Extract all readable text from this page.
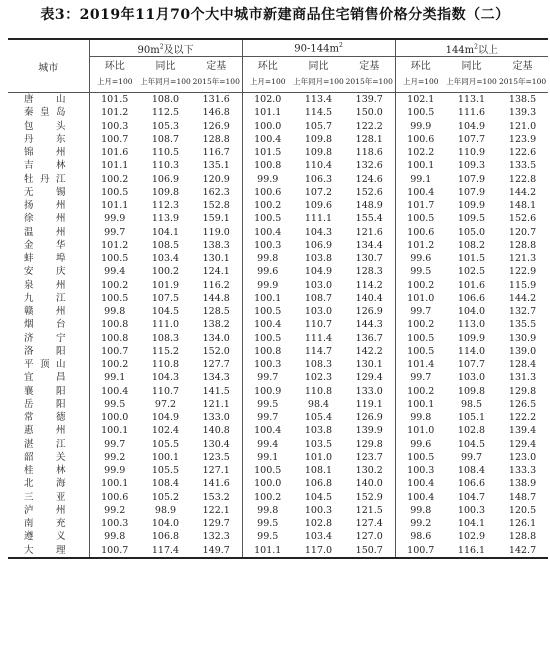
表3：2019年11月70个大中城市新建商品住宅销售价格分类指数（二）
城市	$90m^2$及以下			$90-144m^2$			$144m^2$以上		
	环比	同比	定基	环比	同比	定基	环比	同比	定基
	上月=100	上年同月=100	2015年=100	上月=100	上年同月=100	2015年=100	上月=100	上年同月=100	2015年=100
唐山	101.5	108.0	131.6	102.0	113.4	139.7	102.1	113.1	138.5
秦皇岛	101.2	112.5	146.8	101.1	114.5	150.0	100.5	111.6	139.3
包头	100.3	105.3	126.9	100.0	105.7	122.2	99.9	104.9	121.0
丹东	100.7	108.7	128.8	100.4	109.8	128.1	100.6	107.7	123.9
锦州	101.6	110.5	116.7	101.5	109.8	118.6	102.2	110.9	122.6
吉林	101.1	110.3	135.1	100.8	110.4	132.6	100.1	109.3	133.5
牡丹江	100.2	106.9	120.9	99.9	106.3	124.6	99.1	107.9	122.8
无锡	100.5	109.8	162.3	100.6	107.2	152.6	100.4	107.9	144.2
扬州	101.1	112.3	152.8	100.2	109.6	148.9	101.7	109.9	148.1
徐州	99.9	113.9	159.1	100.5	111.1	155.4	100.5	109.5	152.6
温州	99.7	104.1	119.0	100.4	104.3	121.6	100.6	105.0	120.7
金华	101.2	108.5	138.3	100.3	106.9	134.4	101.2	108.2	128.8
蚌埠	100.5	103.4	130.1	99.8	103.8	130.7	99.6	101.5	121.3
安庆	99.4	100.2	124.1	99.6	104.9	128.3	99.5	102.5	122.9
泉州	100.2	101.9	116.2	99.9	103.0	114.2	100.2	101.6	115.9
九江	100.5	107.5	144.8	100.1	108.7	140.4	101.0	106.6	144.2
赣州	99.8	104.5	128.5	100.5	103.0	126.9	99.7	104.0	132.7
烟台	100.8	111.0	138.2	100.4	110.7	144.3	100.2	113.0	135.5
济宁	100.8	108.3	134.0	100.5	111.4	136.7	100.5	109.9	130.9
洛阳	100.7	115.2	152.0	100.8	114.7	142.2	100.5	114.0	139.0
平顶山	100.2	110.8	127.7	100.3	108.3	130.1	101.4	107.7	128.4
宜昌	99.1	104.3	134.3	99.7	102.3	129.4	99.7	103.0	131.3
襄阳	100.4	110.7	141.5	100.9	110.8	133.0	100.2	109.8	129.8
岳阳	99.5	97.2	121.1	99.5	98.4	119.1	100.1	98.5	126.5
常德	100.0	104.9	133.0	99.7	105.4	126.9	99.8	105.1	122.2
惠州	100.1	102.4	140.8	100.4	103.8	139.9	101.0	102.8	139.4
湛江	99.7	105.5	130.4	99.4	103.5	129.8	99.6	104.5	129.4
韶关	99.2	100.1	123.5	99.1	101.0	123.7	100.5	99.7	123.0
桂林	99.9	105.5	127.1	100.5	108.1	130.2	100.3	108.4	133.3
北海	100.1	108.4	141.6	100.0	106.8	140.0	100.4	106.6	138.9
三亚	100.6	105.2	153.2	100.2	104.5	152.9	100.4	104.7	148.7
泸州	99.2	98.9	122.1	99.8	100.3	121.5	99.8	100.3	120.5
南充	100.3	104.0	129.7	99.5	102.8	127.4	99.2	104.1	126.1
遵义	99.8	106.8	132.3	99.5	103.4	127.0	98.6	102.9	128.8
大理	100.7	117.4	149.7	101.1	117.0	150.7	100.7	116.1	142.7
